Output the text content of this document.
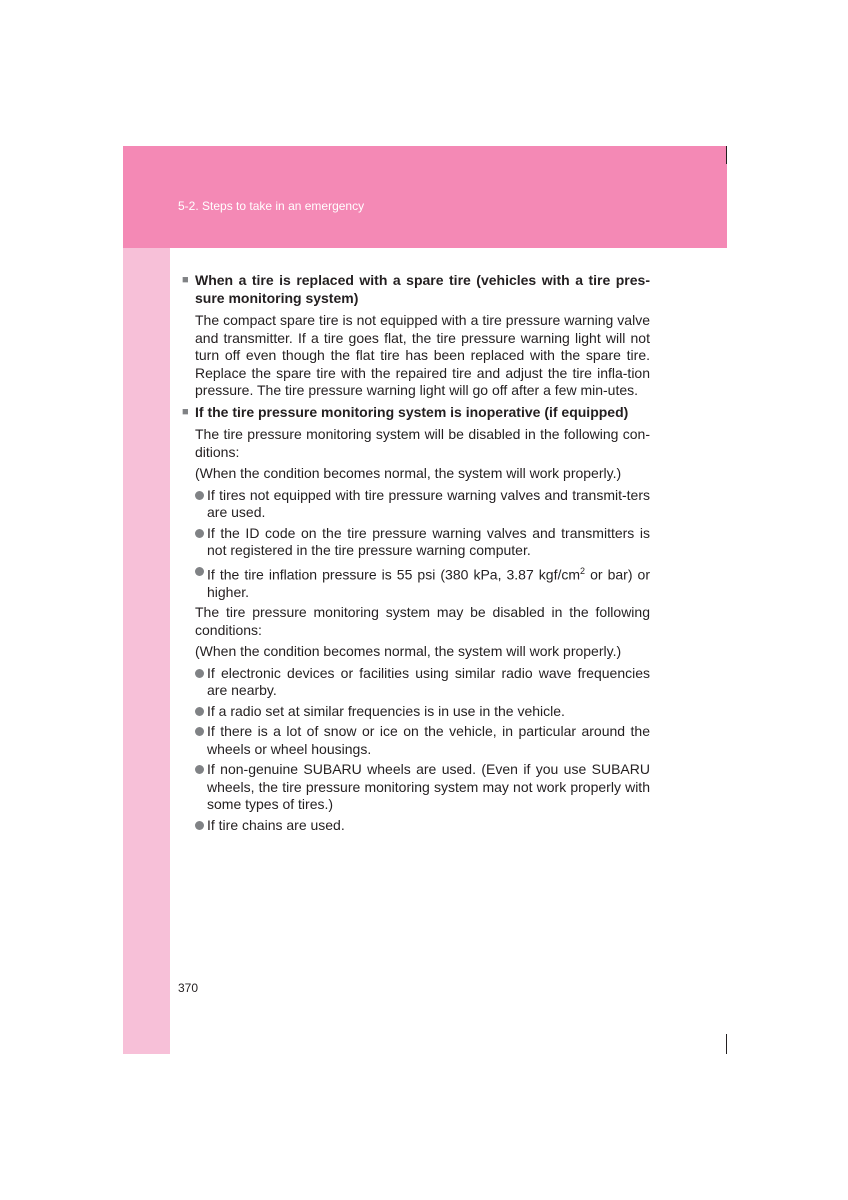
5-2. Steps to take in an emergency
■ When a tire is replaced with a spare tire (vehicles with a tire pres-sure monitoring system)
The compact spare tire is not equipped with a tire pressure warning valve and transmitter. If a tire goes flat, the tire pressure warning light will not turn off even though the flat tire has been replaced with the spare tire. Replace the spare tire with the repaired tire and adjust the tire infla-tion pressure. The tire pressure warning light will go off after a few min-utes.
■ If the tire pressure monitoring system is inoperative (if equipped)
The tire pressure monitoring system will be disabled in the following con-ditions:
(When the condition becomes normal, the system will work properly.)
If tires not equipped with tire pressure warning valves and transmit-ters are used.
If the ID code on the tire pressure warning valves and transmitters is not registered in the tire pressure warning computer.
If the tire inflation pressure is 55 psi (380 kPa, 3.87 kgf/$cm^2$ or bar) or higher.
The tire pressure monitoring system may be disabled in the following conditions:
(When the condition becomes normal, the system will work properly.)
If electronic devices or facilities using similar radio wave frequencies are nearby.
If a radio set at similar frequencies is in use in the vehicle.
If there is a lot of snow or ice on the vehicle, in particular around the wheels or wheel housings.
If non-genuine SUBARU wheels are used. (Even if you use SUBARU wheels, the tire pressure monitoring system may not work properly with some types of tires.)
If tire chains are used.
370
